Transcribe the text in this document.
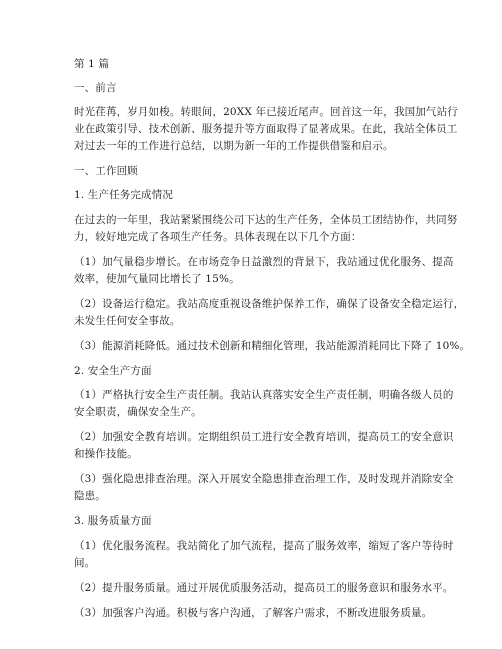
第 1 篇
一、前言
时光荏苒，岁月如梭。转眼间，20XX 年已接近尾声。回首这一年，我国加气站行
业在政策引导、技术创新、服务提升等方面取得了显著成果。在此，我站全体员工
对过去一年的工作进行总结，以期为新一年的工作提供借鉴和启示。
一、工作回顾
1. 生产任务完成情况
在过去的一年里，我站紧紧围绕公司下达的生产任务，全体员工团结协作，共同努
力，较好地完成了各项生产任务。具体表现在以下几个方面：
（1）加气量稳步增长。在市场竞争日益激烈的背景下，我站通过优化服务、提高
效率，使加气量同比增长了 15%。
（2）设备运行稳定。我站高度重视设备维护保养工作，确保了设备安全稳定运行，
未发生任何安全事故。
（3）能源消耗降低。通过技术创新和精细化管理，我站能源消耗同比下降了 10%。
2. 安全生产方面
（1）严格执行安全生产责任制。我站认真落实安全生产责任制，明确各级人员的
安全职责，确保安全生产。
（2）加强安全教育培训。定期组织员工进行安全教育培训，提高员工的安全意识
和操作技能。
（3）强化隐患排查治理。深入开展安全隐患排查治理工作，及时发现并消除安全
隐患。
3. 服务质量方面
（1）优化服务流程。我站简化了加气流程，提高了服务效率，缩短了客户等待时
间。
（2）提升服务质量。通过开展优质服务活动，提高员工的服务意识和服务水平。
（3）加强客户沟通。积极与客户沟通，了解客户需求，不断改进服务质量。
